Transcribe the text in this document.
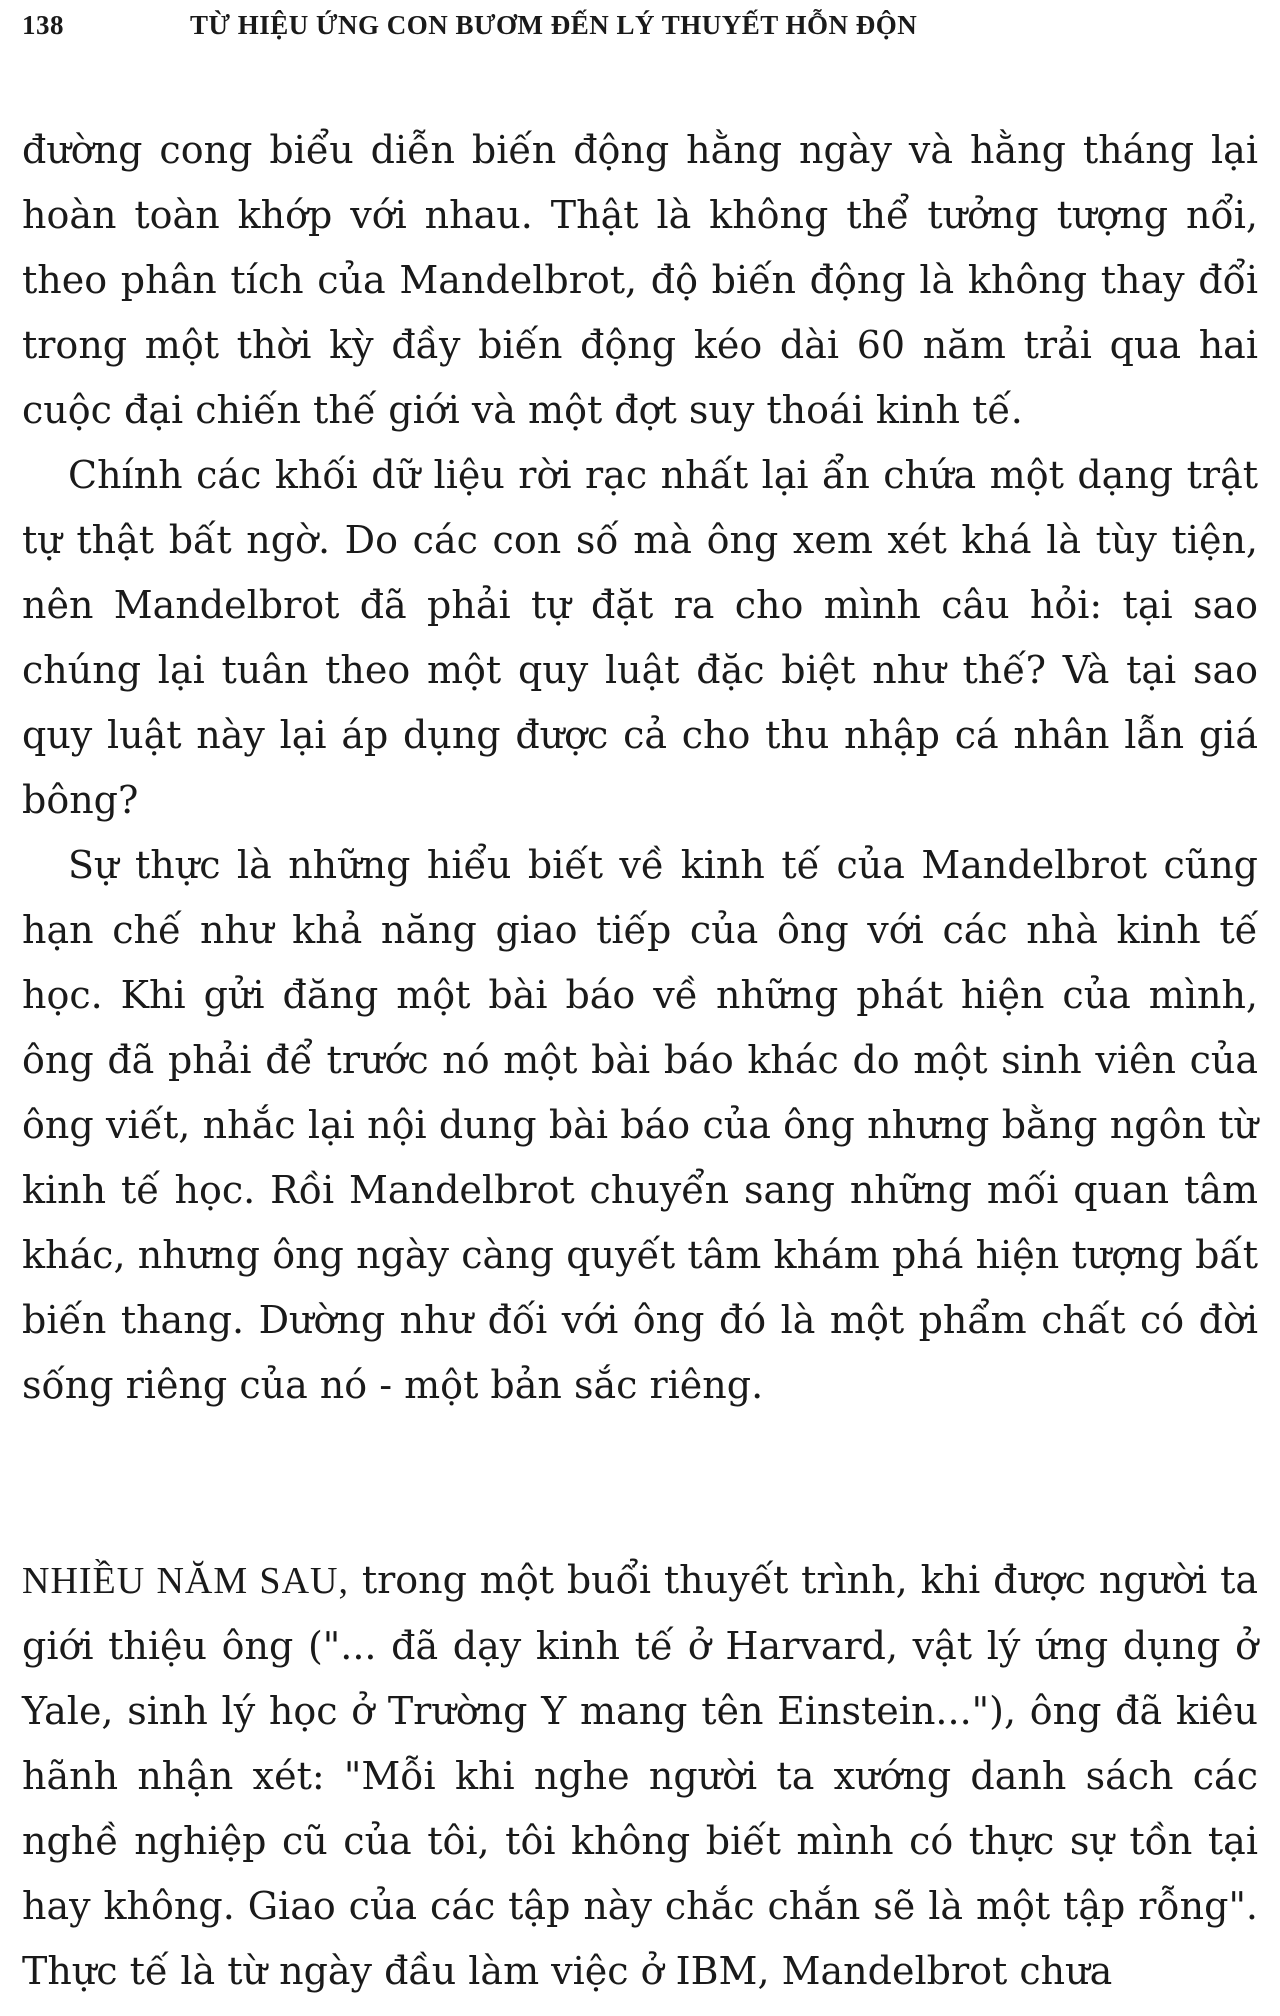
138	TỪ HIỆU ỨNG CON BƯƠM ĐẾN LÝ THUYẾT HỖN ĐỘN

đường cong biểu diễn biến động hằng ngày và hằng tháng lại hoàn toàn khớp với nhau. Thật là không thể tưởng tượng nổi, theo phân tích của Mandelbrot, độ biến động là không thay đổi trong một thời kỳ đầy biến động kéo dài 60 năm trải qua hai cuộc đại chiến thế giới và một đợt suy thoái kinh tế.

Chính các khối dữ liệu rời rạc nhất lại ẩn chứa một dạng trật tự thật bất ngờ. Do các con số mà ông xem xét khá là tùy tiện, nên Mandelbrot đã phải tự đặt ra cho mình câu hỏi: tại sao chúng lại tuân theo một quy luật đặc biệt như thế? Và tại sao quy luật này lại áp dụng được cả cho thu nhập cá nhân lẫn giá bông?

Sự thực là những hiểu biết về kinh tế của Mandelbrot cũng hạn chế như khả năng giao tiếp của ông với các nhà kinh tế học. Khi gửi đăng một bài báo về những phát hiện của mình, ông đã phải để trước nó một bài báo khác do một sinh viên của ông viết, nhắc lại nội dung bài báo của ông nhưng bằng ngôn từ kinh tế học. Rồi Mandelbrot chuyển sang những mối quan tâm khác, nhưng ông ngày càng quyết tâm khám phá hiện tượng bất biến thang. Dường như đối với ông đó là một phẩm chất có đời sống riêng của nó - một bản sắc riêng.

NHIỀU NĂM SAU, trong một buổi thuyết trình, khi được người ta giới thiệu ông ("... đã dạy kinh tế ở Harvard, vật lý ứng dụng ở Yale, sinh lý học ở Trường Y mang tên Einstein..."), ông đã kiêu hãnh nhận xét: "Mỗi khi nghe người ta xướng danh sách các nghề nghiệp cũ của tôi, tôi không biết mình có thực sự tồn tại hay không. Giao của các tập này chắc chắn sẽ là một tập rỗng". Thực tế là từ ngày đầu làm việc ở IBM, Mandelbrot chưa
